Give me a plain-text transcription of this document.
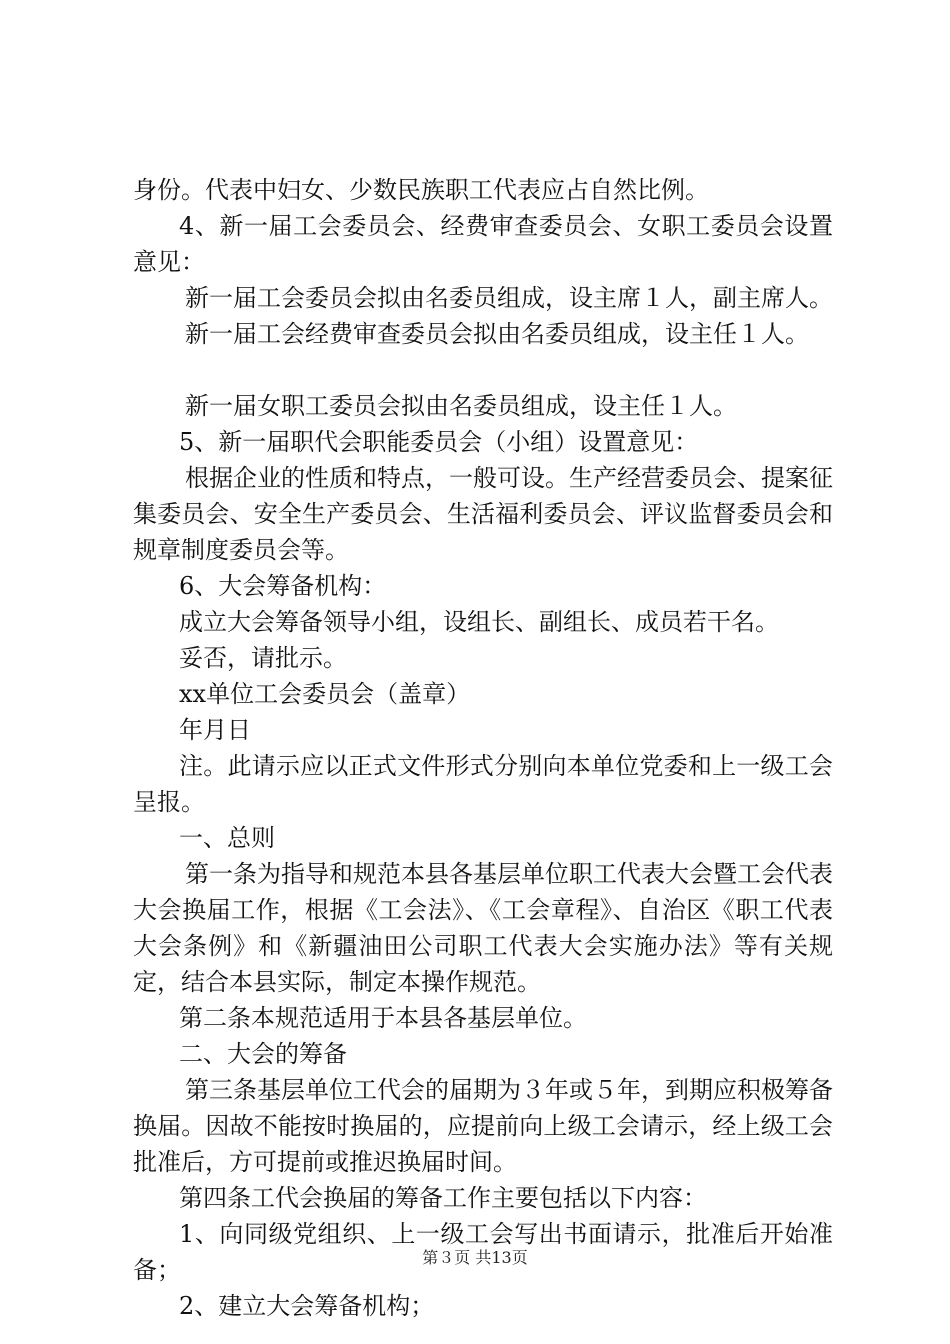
身份。代表中妇女、少数民族职工代表应占自然比例。

4、新一届工会委员会、经费审查委员会、女职工委员会设置意见：

新一届工会委员会拟由名委员组成，设主席１人，副主席人。

新一届工会经费审查委员会拟由名委员组成，设主任１人。

新一届女职工委员会拟由名委员组成，设主任１人。

5、新一届职代会职能委员会（小组）设置意见：

根据企业的性质和特点，一般可设。生产经营委员会、提案征集委员会、安全生产委员会、生活福利委员会、评议监督委员会和规章制度委员会等。

6、大会筹备机构：

成立大会筹备领导小组，设组长、副组长、成员若干名。

妥否，请批示。

xx单位工会委员会（盖章）

年月日

注。此请示应以正式文件形式分别向本单位党委和上一级工会呈报。

一、总则

第一条为指导和规范本县各基层单位职工代表大会暨工会代表大会换届工作，根据《工会法》、《工会章程》、自治区《职工代表大会条例》和《新疆油田公司职工代表大会实施办法》等有关规定，结合本县实际，制定本操作规范。

第二条本规范适用于本县各基层单位。

二、大会的筹备

第三条基层单位工代会的届期为３年或５年，到期应积极筹备换届。因故不能按时换届的，应提前向上级工会请示，经上级工会批准后，方可提前或推迟换届时间。

第四条工代会换届的筹备工作主要包括以下内容：

1、向同级党组织、上一级工会写出书面请示，批准后开始准备；

2、建立大会筹备机构；

第３页 共13页
